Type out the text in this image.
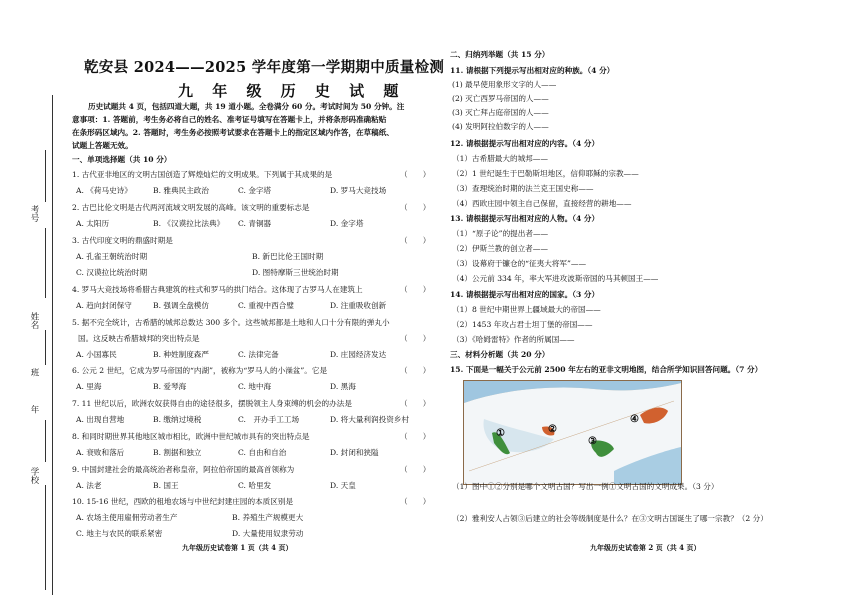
考号
姓名
班
年
学校
乾安县 2024——2025 学年度第一学期期中质量检测
九 年 级 历 史 试 题
历史试题共 4 页，包括四道大题，共 19 道小题。全卷满分 60 分。考试时间为 50 分钟。注
意事项：1. 答题前，考生务必将自己的姓名、准考证号填写在答题卡上，并将条形码准确粘贴
在条形码区域内。2. 答题时，考生务必按照考试要求在答题卡上的指定区域内作答，在草稿纸、
试题上答题无效。
一、单项选择题（共 10 分）
1. 古代亚非地区的文明古国创造了辉煌灿烂的文明成果。下列属于其成果的是	（　　）
A. 《荷马史诗》	B. 雅典民主政治	C. 金字塔	D. 罗马大竞技场
2. 古巴比伦文明是古代两河流域文明发展的高峰。该文明的重要标志是	（　　）
A. 太阳历	B. 《汉谟拉比法典》 C. 青铜器	D. 金字塔
3. 古代印度文明的鼎盛时期是	（　　）
A. 孔雀王朝统治时期	B. 新巴比伦王国时期
C. 汉谟拉比统治时期	D. 图特摩斯三世统治时期
4. 罗马大竞技场将希腊古典建筑的柱式和罗马的拱门结合。这体现了古罗马人在建筑上	（　　）
A. 趋向封闭保守	B. 强调全盘模仿	C. 重视中西合璧	D. 注重吸收创新
5. 据不完全统计，古希腊的城邦总数达 300 多个。这些城邦都是土地和人口十分有限的弹丸小
国。这反映古希腊城邦的突出特点是	（　　）
A. 小国寡民	B. 种姓制度森严	C. 法律完备	D. 庄园经济发达
6. 公元 2 世纪，它成为罗马帝国的“内湖”，被称为“罗马人的小澡盆”。它是	（　　）
A. 里海	B. 爱琴海	C. 地中海	D. 黑海
7. 11 世纪以后，欧洲农奴获得自由的途径很多，摆脱领主人身束缚的机会的办法是	（　　）
A. 出现自营地	B. 缴纳过境税	C.　开办手工工场	D. 将大量利润投资乡村
8. 和同时期世界其他地区城市相比，欧洲中世纪城市具有的突出特点是	（　　）
A. 衰败和落后	B. 割据和独立	C. 自由和自治	D. 封闭和狭隘
9. 中国封建社会的最高统治者称皇帝，阿拉伯帝国的最高首领称为	（　　）
A. 法老	B. 国王	C. 哈里发	D. 天皇
10. 15-16 世纪，西欧的租地农场与中世纪封建庄园的本质区别是	（　　）
A. 农场主使用雇佣劳动者生产	B. 养殖生产规模更大
C. 地主与农民的联系紧密	D. 大量使用奴隶劳动
九年级历史试卷第 1 页（共 4 页）
二、归纳列举题（共 15 分）
11. 请根据下列提示写出相对应的种族。（4 分）
(1) 最早使用象形文字的人——
(2) 灭亡西罗马帝国的人——
(3) 灭亡拜占庭帝国的人——
(4) 发明阿拉伯数字的人——
12. 请根据提示写出相对应的内容。（4 分）
（1）古希腊最大的城邦——
（2）1 世纪诞生于巴勒斯坦地区，信仰耶稣的宗教——
（3）查理统治时期的法兰克王国史称——
（4）西欧庄园中领主自己保留，直接经营的耕地——
13. 请根据提示写出相对应的人物。（4 分）
（1）“原子论”的提出者——
（2）伊斯兰教的创立者——
（3）设幕府于镰仓的“征夷大将军”——
（4）公元前 334 年，率大军进攻波斯帝国的马其顿国王——
14. 请根据提示写出相对应的国家。（3 分）
（1）8 世纪中期世界上疆域最大的帝国——
（2）1453 年攻占君士坦丁堡的帝国——
（3）《哈姆雷特》作者的所属国——
三、材料分析题（共 20 分）
15. 下面是一幅关于公元前 2500 年左右的亚非文明地图，结合所学知识回答问题。（7 分）
①	②
③
④
（1）图中①②分别是哪个文明古国？写出一例①文明古国的文明成果。（3 分）
（2）雅利安人占领③后建立的社会等级制度是什么？在③文明古国诞生了哪一宗教？（2 分）
九年级历史试卷第 2 页（共 4 页）
